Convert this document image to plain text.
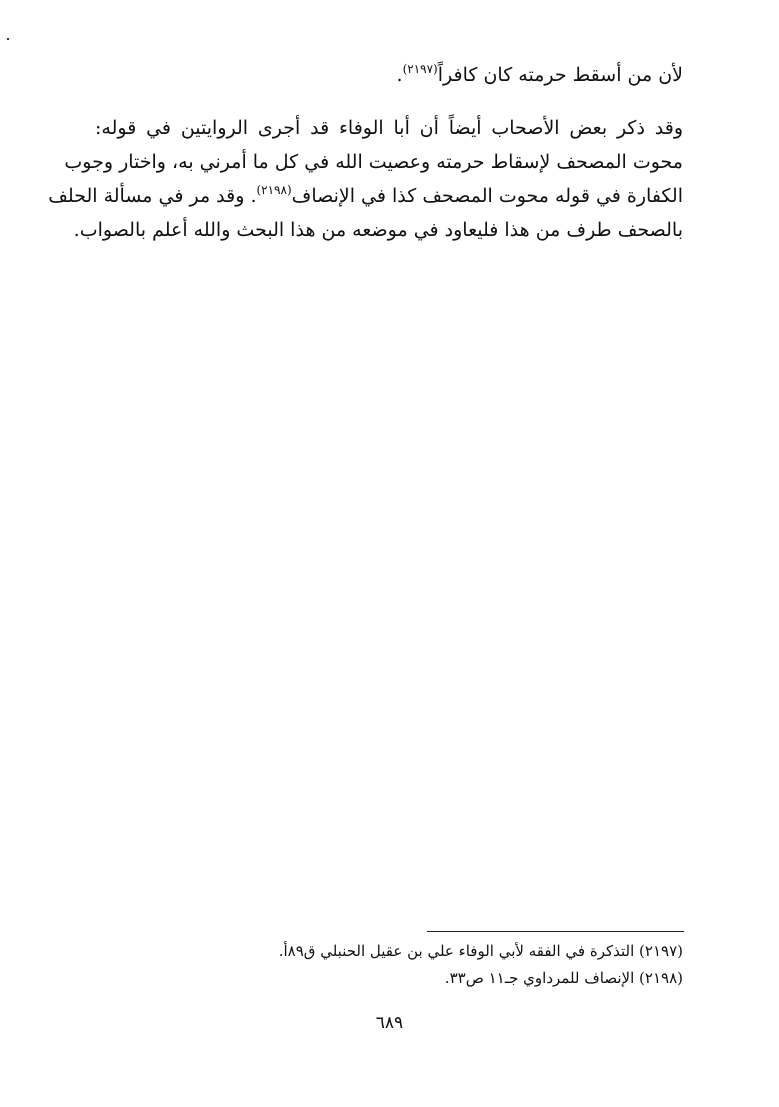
لأن من أسقط حرمته كان كافراً$^{(٢١٩٧)}$.
وقد ذكر بعض الأصحاب أيضاً أن أبا الوفاء قد أجرى الروايتين في قوله:
محوت المصحف لإسقاط حرمته وعصيت الله في كل ما أمرني به، واختار وجوب
الكفارة في قوله محوت المصحف كذا في الإنصاف$^{(٢١٩٨)}$. وقد مر في مسألة الحلف
بالصحف طرف من هذا فليعاود في موضعه من هذا البحث والله أعلم بالصواب.
(٢١٩٧) التذكرة في الفقه لأبي الوفاء علي بن عقيل الحنبلي ق٨٩أ.
(٢١٩٨) الإنصاف للمرداوي جـ١١ ص٣٣.
٦٨٩
